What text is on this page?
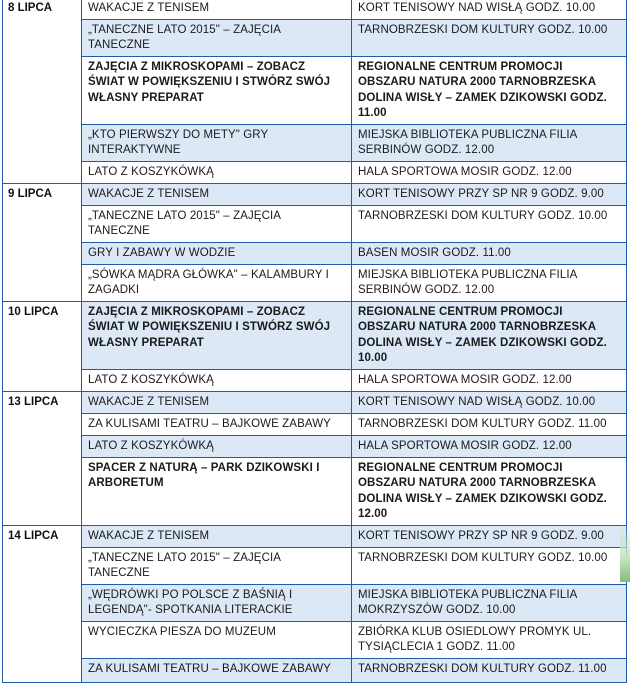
8 LIPCA	WAKACJE Z TENISEM	KORT TENISOWY NAD WISŁĄ GODZ. 10.00
	„TANECZNE LATO 2015" – ZAJĘCIA TANECZNE	TARNOBRZESKI DOM KULTURY GODZ. 10.00
	ZAJĘCIA Z MIKROSKOPAMI – ZOBACZ ŚWIAT W POWIĘKSZENIU I STWÓRZ SWÓJ WŁASNY PREPARAT	REGIONALNE CENTRUM PROMOCJI OBSZARU NATURA 2000 TARNOBRZESKA DOLINA WISŁY – ZAMEK DZIKOWSKI GODZ. 11.00
	„KTO PIERWSZY DO METY" GRY INTERAKTYWNE	MIEJSKA BIBLIOTEKA PUBLICZNA FILIA SERBINÓW GODZ. 12.00
	LATO Z KOSZYKÓWKĄ	HALA SPORTOWA MOSIR GODZ. 12.00
9 LIPCA	WAKACJE Z TENISEM	KORT TENISOWY PRZY SP NR 9 GODZ. 9.00
	„TANECZNE LATO 2015" – ZAJĘCIA TANECZNE	TARNOBRZESKI DOM KULTURY GODZ. 10.00
	GRY I ZABAWY W WODZIE	BASEN MOSIR GODZ. 11.00
	„SÓWKA MĄDRA GŁÓWKA" – KALAMBURY I ZAGADKI	MIEJSKA BIBLIOTEKA PUBLICZNA FILIA SERBINÓW GODZ. 12.00
10 LIPCA	ZAJĘCIA Z MIKROSKOPAMI – ZOBACZ ŚWIAT W POWIĘKSZENIU I STWÓRZ SWÓJ WŁASNY PREPARAT	REGIONALNE CENTRUM PROMOCJI OBSZARU NATURA 2000 TARNOBRZESKA DOLINA WISŁY – ZAMEK DZIKOWSKI GODZ. 10.00
	LATO Z KOSZYKÓWKĄ	HALA SPORTOWA MOSIR GODZ. 12.00
13 LIPCA	WAKACJE Z TENISEM	KORT TENISOWY NAD WISŁĄ GODZ. 10.00
	ZA KULISAMI TEATRU – BAJKOWE ZABAWY	TARNOBRZESKI DOM KULTURY GODZ. 11.00
	LATO Z KOSZYKÓWKĄ	HALA SPORTOWA MOSIR GODZ. 12.00
	SPACER Z NATURĄ – PARK DZIKOWSKI I ARBORETUM	REGIONALNE CENTRUM PROMOCJI OBSZARU NATURA 2000 TARNOBRZESKA DOLINA WISŁY – ZAMEK DZIKOWSKI GODZ. 12.00
14 LIPCA	WAKACJE Z TENISEM	KORT TENISOWY PRZY SP NR 9 GODZ. 9.00
	„TANECZNE LATO 2015" – ZAJĘCIA TANECZNE	TARNOBRZESKI DOM KULTURY GODZ. 10.00
	„WĘDRÓWKI PO POLSCE Z BAŚNIĄ I LEGENDĄ"- SPOTKANIA LITERACKIE	MIEJSKA BIBLIOTEKA PUBLICZNA FILIA MOKRZYSZÓW GODZ. 10.00
	WYCIECZKA PIESZA DO MUZEUM	ZBIÓRKA KLUB OSIEDLOWY PROMYK UL. TYSIĄCLECIA 1 GODZ. 11.00
	ZA KULISAMI TEATRU – BAJKOWE ZABAWY	TARNOBRZESKI DOM KULTURY GODZ. 11.00
